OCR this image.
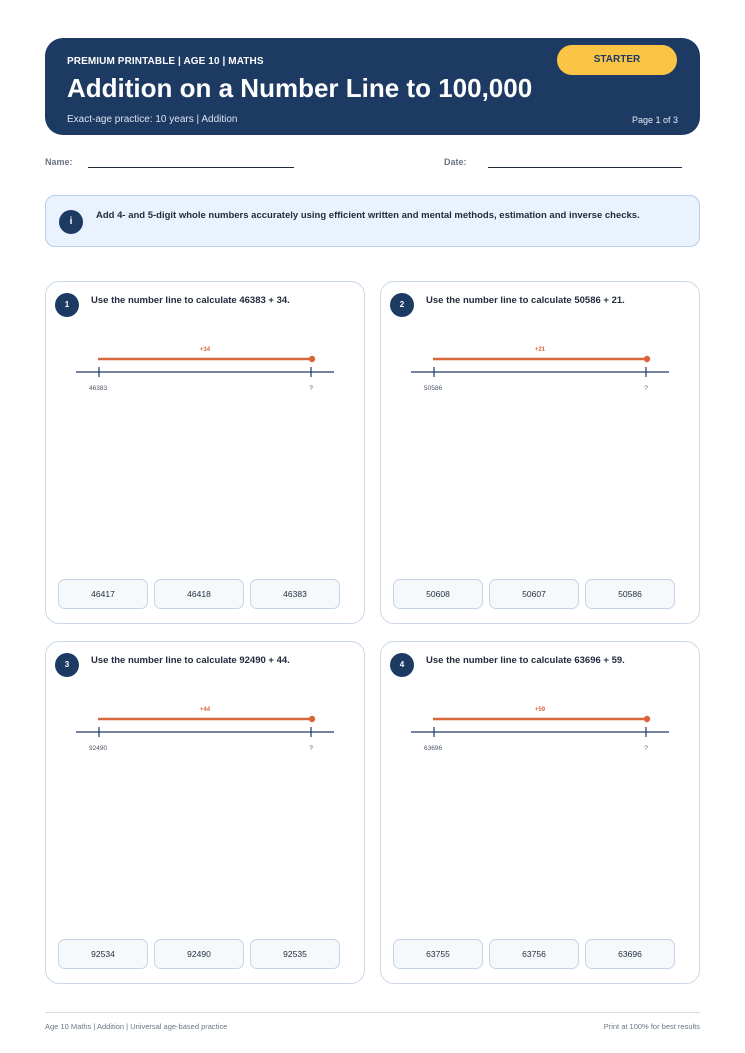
PREMIUM PRINTABLE | AGE 10 | MATHS
Addition on a Number Line to 100,000
Exact-age practice: 10 years | Addition	Page 1 of 3
STARTER
Name:	Date:
i
Add 4- and 5-digit whole numbers accurately using efficient written and mental methods, estimation and inverse checks.
1	Use the number line to calculate 46383 + 34.
+34
46383	?
46417	46418	46383
2	Use the number line to calculate 50586 + 21.
+21
50586	?
50608	50607	50586
3	Use the number line to calculate 92490 + 44.
+44
92490	?
92534	92490	92535
4	Use the number line to calculate 63696 + 59.
+59
63696	?
63755	63756	63696
Age 10 Maths | Addition | Universal age-based practice	Print at 100% for best results
